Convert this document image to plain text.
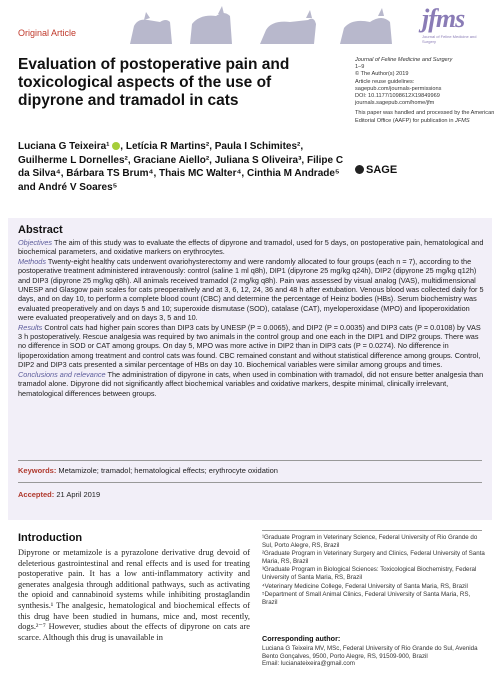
jfms
Journal of Feline Medicine and Surgery
Original Article
Evaluation of postoperative pain and toxicological aspects of the use of dipyrone and tramadol in cats

Journal of Feline Medicine and Surgery
1–9
© The Author(s) 2019
Article reuse guidelines:
sagepub.com/journals-permissions
DOI: 10.1177/1098612X19849969
journals.sagepub.com/home/jfm

This paper was handled and processed by the American Editorial Office (AAFP) for publication in JFMS

SAGE
Luciana G Teixeira¹ , Letícia R Martins², Paula I Schimites², Guilherme L Dornelles², Graciane Aiello², Juliana S Oliveira³, Filipe C da Silva⁴, Bárbara TS Brum⁴, Thais MC Walter⁴, Cinthia M Andrade⁵ and André V Soares⁵
Abstract
Objectives The aim of this study was to evaluate the effects of dipyrone and tramadol, used for 5 days, on postoperative pain, hematological and biochemical parameters, and oxidative markers on erythrocytes.
Methods Twenty-eight healthy cats underwent ovariohysterectomy and were randomly allocated to four groups (each n = 7), according to the postoperative treatment administered intravenously: control (saline 1 ml q8h), DIP1 (dipyrone 25 mg/kg q24h), DIP2 (dipyrone 25 mg/kg q12h) and DIP3 (dipyrone 25 mg/kg q8h). All animals received tramadol (2 mg/kg q8h). Pain was assessed by visual analog (VAS), multidimensional UNESP and Glasgow pain scales for cats preoperatively and at 3, 6, 12, 24, 36 and 48 h after extubation. Venous blood was collected daily for 5 days, and on day 10, to perform a complete blood count (CBC) and determine the percentage of Heinz bodies (HBs). Serum biochemistry was evaluated preoperatively and on days 5 and 10; superoxide dismutase (SOD), catalase (CAT), myeloperoxidase (MPO) and lipoperoxidation were evaluated preoperatively and on days 3, 5 and 10.
Results Control cats had higher pain scores than DIP3 cats by UNESP (P = 0.0065), and DIP2 (P = 0.0035) and DIP3 cats (P = 0.0108) by VAS 3 h postoperatively. Rescue analgesia was required by two animals in the control group and one each in the DIP1 and DIP2 groups. There was no difference in SOD or CAT among groups. On day 5, MPO was more active in DIP2 than in DIP3 cats (P = 0.0274). No difference in lipoperoxidation among treatment and control cats was found. CBC remained constant and without statistical difference among groups. Control, DIP2 and DIP3 cats presented a similar percentage of HBs on day 10. Biochemical variables were similar among groups and times.
Conclusions and relevance The administration of dipyrone in cats, when used in combination with tramadol, did not ensure better analgesia than tramadol alone. Dipyrone did not significantly affect biochemical variables and oxidative markers, despite minimal, clinically irrelevant, hematological differences between groups.
Keywords: Metamizole; tramadol; hematological effects; erythrocyte oxidation
Accepted: 21 April 2019
Introduction
Dipyrone or metamizole is a pyrazolone derivative drug devoid of deleterious gastrointestinal and renal effects and is used for treating postoperative pain. It has a low anti-inflammatory activity and generates analgesia through additional pathways, such as activating the opioid and cannabinoid systems while inhibiting prostaglandin synthesis.¹ The analgesic, hematological and biochemical effects of this drug have been studied in humans, mice and, most recently, dogs.²⁻⁷ However, studies about the effects of dipyrone on cats are scarce. Although this drug is unavailable in

¹Graduate Program in Veterinary Science, Federal University of Rio Grande do Sul, Porto Alegre, RS, Brazil

²Graduate Program in Veterinary Surgery and Clinics, Federal University of Santa Maria, RS, Brazil

³Graduate Program in Biological Sciences: Toxicological Biochemistry, Federal University of Santa Maria, RS, Brazil

⁴Veterinary Medicine College, Federal University of Santa Maria, RS, Brazil

⁵Department of Small Animal Clinics, Federal University of Santa Maria, RS, Brazil

Corresponding author:
Luciana G Teixeira MV, MSc, Federal University of Rio Grande do Sul, Avenida Bento Gonçalves, 9500, Porto Alegre, RS, 91509-900, Brazil
Email: lucianateixeira@gmail.com
